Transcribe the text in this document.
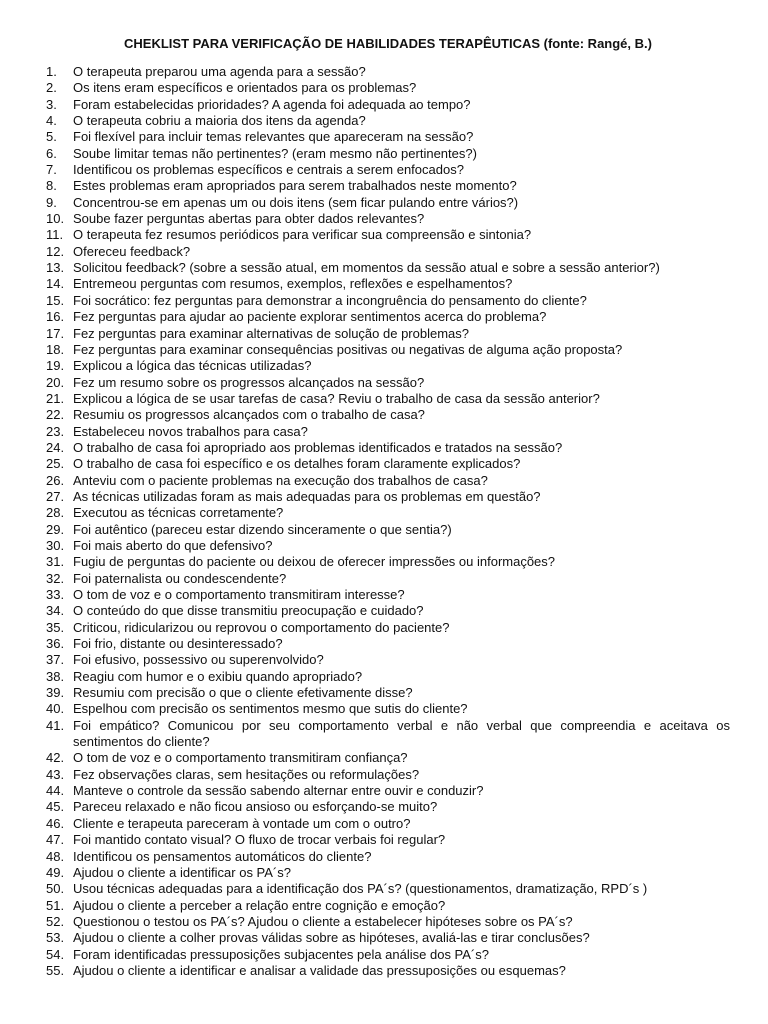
CHEKLIST PARA VERIFICAÇÃO DE HABILIDADES TERAPÊUTICAS (fonte: Rangé, B.)
1.	O terapeuta preparou uma agenda para a sessão?
2.	Os itens eram específicos e orientados para os problemas?
3.	Foram estabelecidas prioridades? A agenda foi adequada ao tempo?
4.	O terapeuta cobriu a maioria dos itens da agenda?
5.	Foi flexível para incluir temas relevantes que apareceram na sessão?
6.	Soube limitar temas não pertinentes? (eram mesmo não pertinentes?)
7.	Identificou os problemas específicos e centrais a serem enfocados?
8.	Estes problemas eram apropriados para serem trabalhados neste momento?
9.	Concentrou-se em apenas um ou dois itens (sem ficar pulando entre vários?)
10. Soube fazer perguntas abertas para obter dados relevantes?
11. O terapeuta fez resumos periódicos para verificar sua compreensão e sintonia?
12. Ofereceu feedback?
13. Solicitou feedback? (sobre a sessão atual, em momentos da sessão atual e sobre a sessão anterior?)
14. Entremeou perguntas com resumos, exemplos, reflexões e espelhamentos?
15. Foi socrático: fez perguntas para demonstrar a incongruência do pensamento do cliente?
16. Fez perguntas para ajudar ao paciente explorar sentimentos acerca do problema?
17. Fez perguntas para examinar alternativas de solução de problemas?
18. Fez perguntas para examinar consequências positivas ou negativas de alguma ação proposta?
19. Explicou a lógica das técnicas utilizadas?
20. Fez um resumo sobre os progressos alcançados na sessão?
21. Explicou a lógica de se usar tarefas de casa? Reviu o trabalho de casa da sessão anterior?
22. Resumiu os progressos alcançados com o trabalho de casa?
23. Estabeleceu novos trabalhos para casa?
24. O trabalho de casa foi apropriado aos problemas identificados e tratados na sessão?
25. O trabalho de casa foi específico e os detalhes foram claramente explicados?
26. Anteviu com o paciente problemas na execução dos trabalhos de casa?
27. As técnicas utilizadas foram as mais adequadas para os problemas em questão?
28. Executou as técnicas corretamente?
29. Foi autêntico (pareceu estar dizendo sinceramente o que sentia?)
30. Foi mais aberto do que defensivo?
31. Fugiu de perguntas do paciente ou deixou de oferecer impressões ou informações?
32. Foi paternalista ou condescendente?
33. O tom de voz e o comportamento transmitiram interesse?
34. O conteúdo do que disse transmitiu preocupação e cuidado?
35. Criticou, ridicularizou ou reprovou o comportamento do paciente?
36. Foi frio, distante ou desinteressado?
37. Foi efusivo, possessivo ou superenvolvido?
38. Reagiu com humor e o exibiu quando apropriado?
39. Resumiu com precisão o que o cliente efetivamente disse?
40. Espelhou com precisão os sentimentos mesmo que sutis do cliente?
41. Foi empático? Comunicou por seu comportamento verbal e não verbal que compreendia e aceitava os sentimentos do cliente?
42. O tom de voz e o comportamento transmitiram confiança?
43. Fez observações claras, sem hesitações ou reformulações?
44. Manteve o controle da sessão sabendo alternar entre ouvir e conduzir?
45. Pareceu relaxado e não ficou ansioso ou esforçando-se muito?
46. Cliente e terapeuta pareceram à vontade um com o outro?
47. Foi mantido contato visual? O fluxo de trocar verbais foi regular?
48. Identificou os pensamentos automáticos do cliente?
49. Ajudou o cliente a identificar os PA´s?
50. Usou técnicas adequadas para a identificação dos PA´s? (questionamentos, dramatização, RPD´s )
51. Ajudou o cliente a perceber a relação entre cognição e emoção?
52. Questionou o testou os PA´s? Ajudou o cliente a estabelecer hipóteses sobre os PA´s?
53. Ajudou o cliente a colher provas válidas sobre as hipóteses, avaliá-las e tirar conclusões?
54. Foram identificadas pressuposições subjacentes pela análise dos PA´s?
55. Ajudou o cliente a identificar e analisar a validade das pressuposições ou esquemas?
